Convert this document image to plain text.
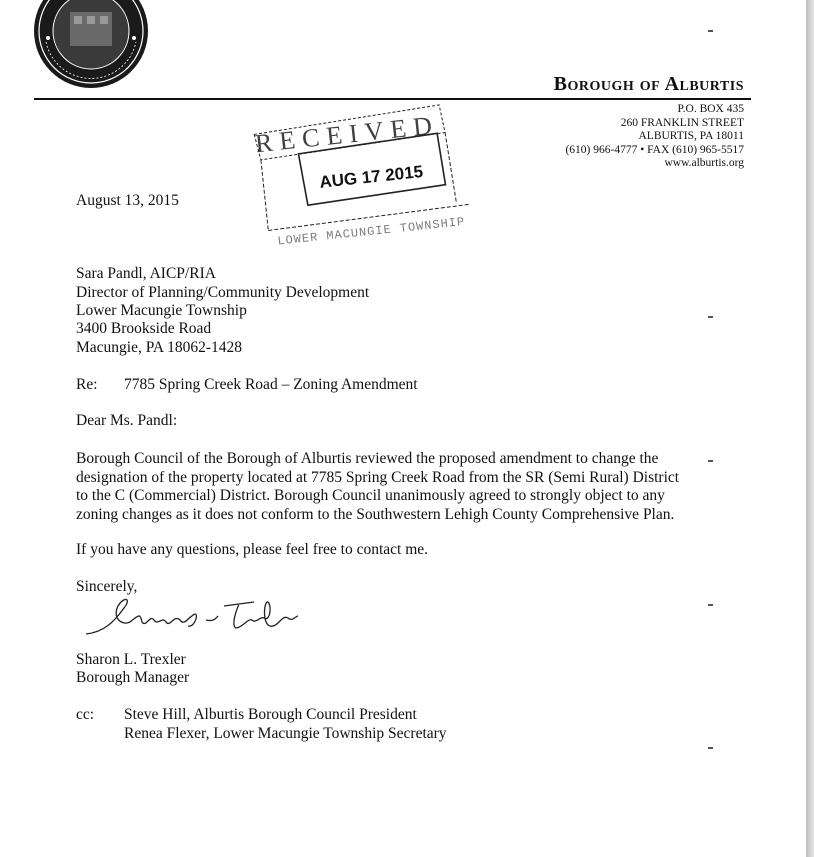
Borough of Alburtis
P.O. BOX 435
260 FRANKLIN STREET
ALBURTIS, PA 18011
(610) 966-4777 • FAX (610) 965-5517
www.alburtis.org
RECEIVED
AUG 17 2015
LOWER MACUNGIE TOWNSHIP
August 13, 2015
Sara Pandl, AICP/RIA
Director of Planning/Community Development
Lower Macungie Township
3400 Brookside Road
Macungie, PA 18062-1428
Re: 7785 Spring Creek Road – Zoning Amendment
Dear Ms. Pandl:
Borough Council of the Borough of Alburtis reviewed the proposed amendment to change the
designation of the property located at 7785 Spring Creek Road from the SR (Semi Rural) District
to the C (Commercial) District. Borough Council unanimously agreed to strongly object to any
zoning changes as it does not conform to the Southwestern Lehigh County Comprehensive Plan.
If you have any questions, please feel free to contact me.
Sincerely,
Sharon L. Trexler
Borough Manager
cc: Steve Hill, Alburtis Borough Council President
Renea Flexer, Lower Macungie Township Secretary
